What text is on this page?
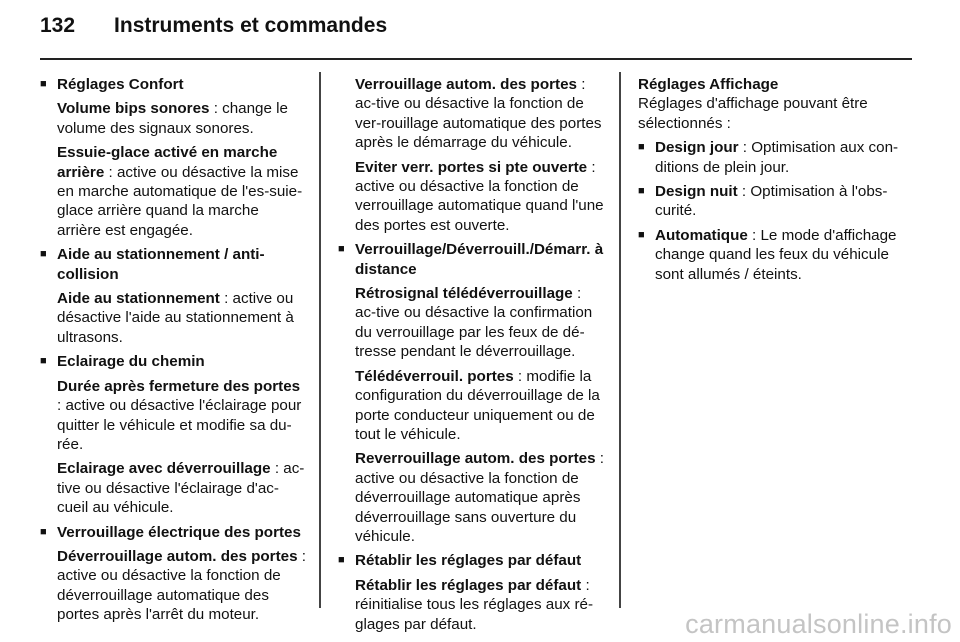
132 Instruments et commandes
■ Réglages Confort
Volume bips sonores : change le volume des signaux sonores.
Essuie-glace activé en marche arrière : active ou désactive la mise en marche automatique de l'es-suie-glace arrière quand la marche arrière est engagée.
■ Aide au stationnement / anti-collision
Aide au stationnement : active ou désactive l'aide au stationnement à ultrasons.
■ Eclairage du chemin
Durée après fermeture des portes : active ou désactive l'éclairage pour quitter le véhicule et modifie sa du-rée.
Eclairage avec déverrouillage : ac-tive ou désactive l'éclairage d'ac-cueil au véhicule.
■ Verrouillage électrique des portes
Déverrouillage autom. des portes : active ou désactive la fonction de déverrouillage automatique des portes après l'arrêt du moteur.
Verrouillage autom. des portes : ac-tive ou désactive la fonction de ver-rouillage automatique des portes après le démarrage du véhicule.
Eviter verr. portes si pte ouverte : active ou désactive la fonction de verrouillage automatique quand l'une des portes est ouverte.
■ Verrouillage/Déverrouill./Démarr. à distance
Rétrosignal télédéverrouillage : ac-tive ou désactive la confirmation du verrouillage par les feux de dé-tresse pendant le déverrouillage.
Télédéverrouil. portes : modifie la configuration du déverrouillage de la porte conducteur uniquement ou de tout le véhicule.
Reverrouillage autom. des portes : active ou désactive la fonction de déverrouillage automatique après déverrouillage sans ouverture du véhicule.
■ Rétablir les réglages par défaut
Rétablir les réglages par défaut : réinitialise tous les réglages aux ré-glages par défaut.
Réglages Affichage
Réglages d'affichage pouvant être sélectionnés :
■ Design jour : Optimisation aux con-ditions de plein jour.
■ Design nuit : Optimisation à l'obs-curité.
■ Automatique : Le mode d'affichage change quand les feux du véhicule sont allumés / éteints.
carmanualsonline.info
